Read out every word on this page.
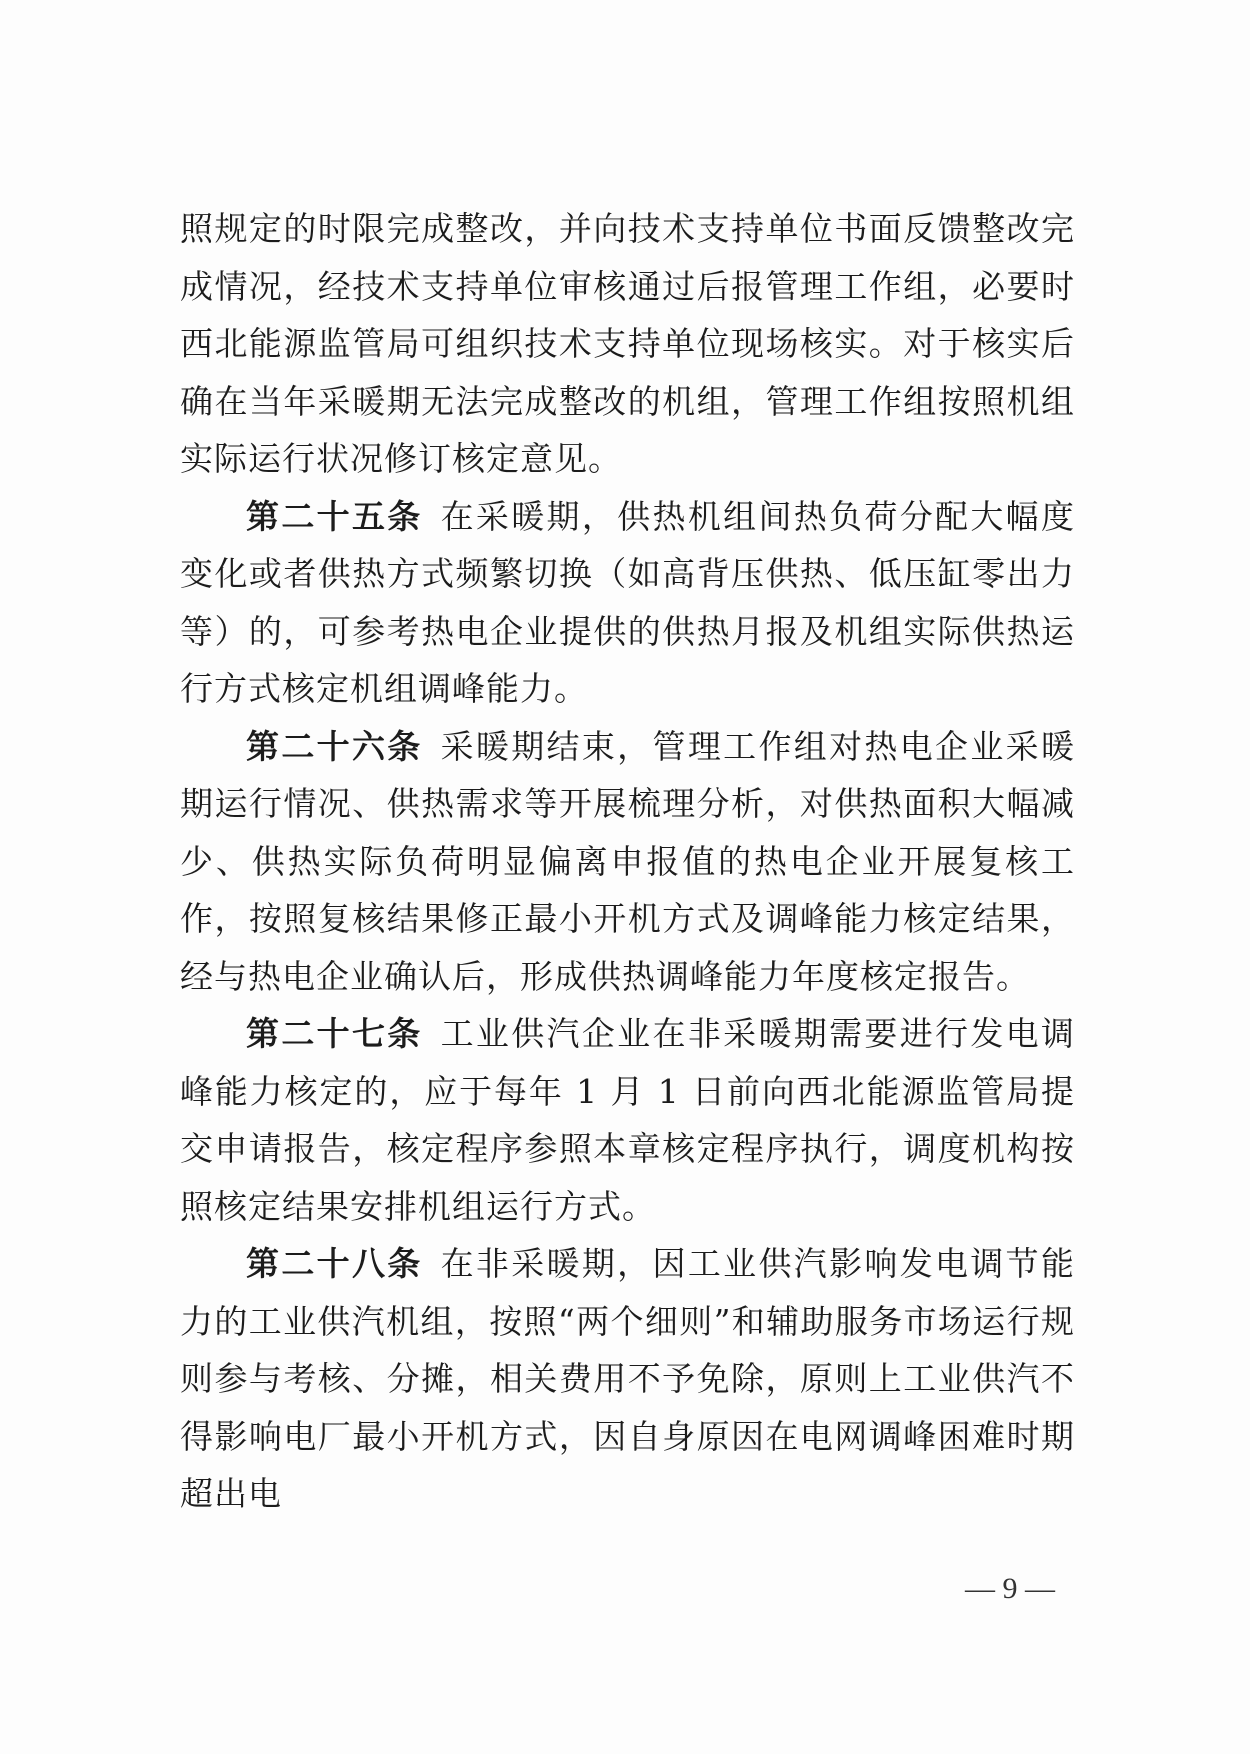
照规定的时限完成整改，并向技术支持单位书面反馈整改完成情况，经技术支持单位审核通过后报管理工作组，必要时西北能源监管局可组织技术支持单位现场核实。对于核实后确在当年采暖期无法完成整改的机组，管理工作组按照机组实际运行状况修订核定意见。

第二十五条 在采暖期，供热机组间热负荷分配大幅度变化或者供热方式频繁切换（如高背压供热、低压缸零出力等）的，可参考热电企业提供的供热月报及机组实际供热运行方式核定机组调峰能力。

第二十六条 采暖期结束，管理工作组对热电企业采暖期运行情况、供热需求等开展梳理分析，对供热面积大幅减少、供热实际负荷明显偏离申报值的热电企业开展复核工作，按照复核结果修正最小开机方式及调峰能力核定结果，经与热电企业确认后，形成供热调峰能力年度核定报告。

第二十七条 工业供汽企业在非采暖期需要进行发电调峰能力核定的，应于每年 1 月 1 日前向西北能源监管局提交申请报告，核定程序参照本章核定程序执行，调度机构按照核定结果安排机组运行方式。

第二十八条 在非采暖期，因工业供汽影响发电调节能力的工业供汽机组，按照“两个细则”和辅助服务市场运行规则参与考核、分摊，相关费用不予免除，原则上工业供汽不得影响电厂最小开机方式，因自身原因在电网调峰困难时期超出电

— 9 —
